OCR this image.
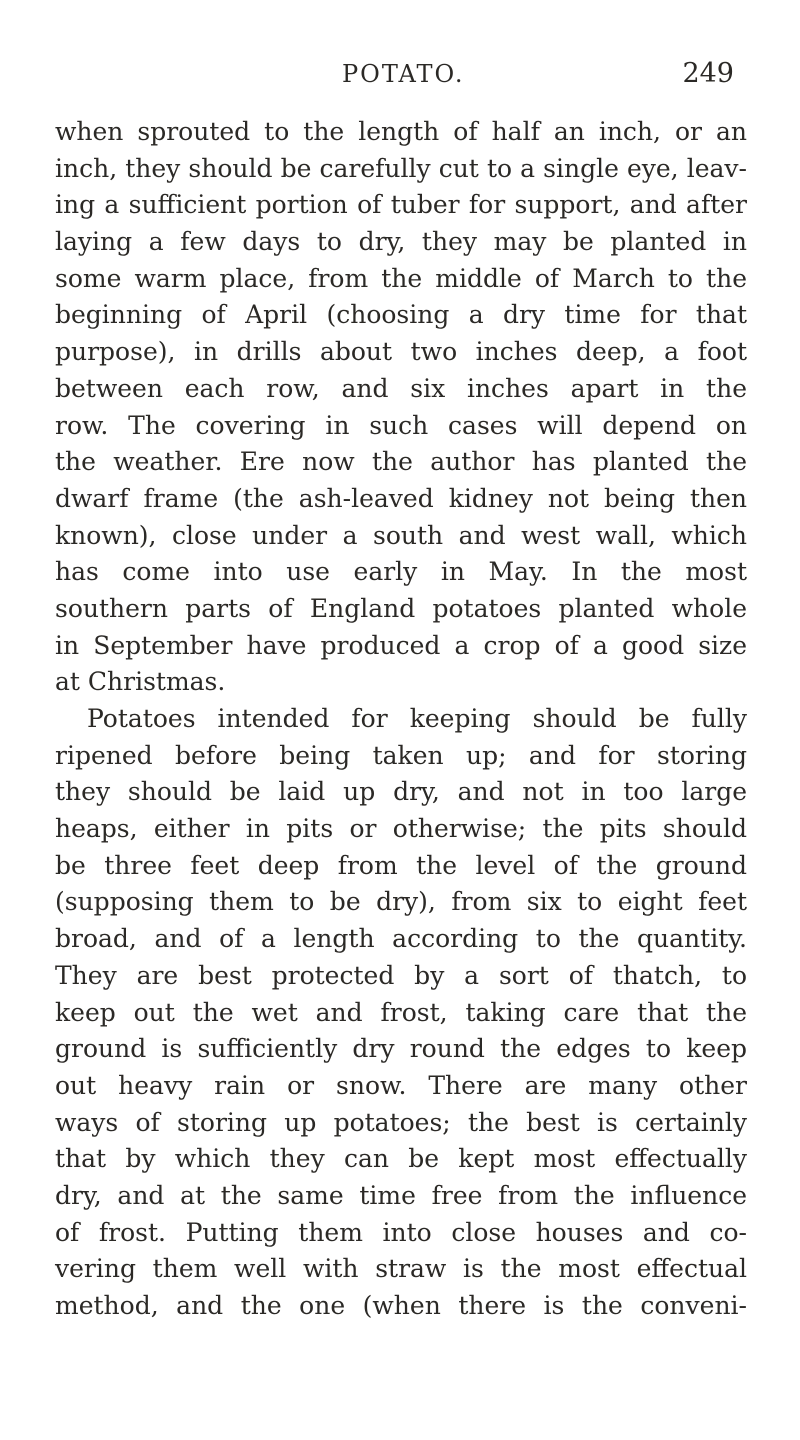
POTATO.	249
when sprouted to the length of half an inch, or an
inch, they should be carefully cut to a single eye, leav-
ing a sufficient portion of tuber for support, and after
laying a few days to dry, they may be planted in
some warm place, from the middle of March to the
beginning of April (choosing a dry time for that
purpose), in drills about two inches deep, a foot
between each row, and six inches apart in the
row. The covering in such cases will depend on
the weather. Ere now the author has planted the
dwarf frame (the ash-leaved kidney not being then
known), close under a south and west wall, which
has come into use early in May. In the most
southern parts of England potatoes planted whole
in September have produced a crop of a good size
at Christmas.
Potatoes intended for keeping should be fully
ripened before being taken up; and for storing
they should be laid up dry, and not in too large
heaps, either in pits or otherwise; the pits should
be three feet deep from the level of the ground
(supposing them to be dry), from six to eight feet
broad, and of a length according to the quantity.
They are best protected by a sort of thatch, to
keep out the wet and frost, taking care that the
ground is sufficiently dry round the edges to keep
out heavy rain or snow. There are many other
ways of storing up potatoes; the best is certainly
that by which they can be kept most effectually
dry, and at the same time free from the influence
of frost. Putting them into close houses and co-
vering them well with straw is the most effectual
method, and the one (when there is the conveni-
